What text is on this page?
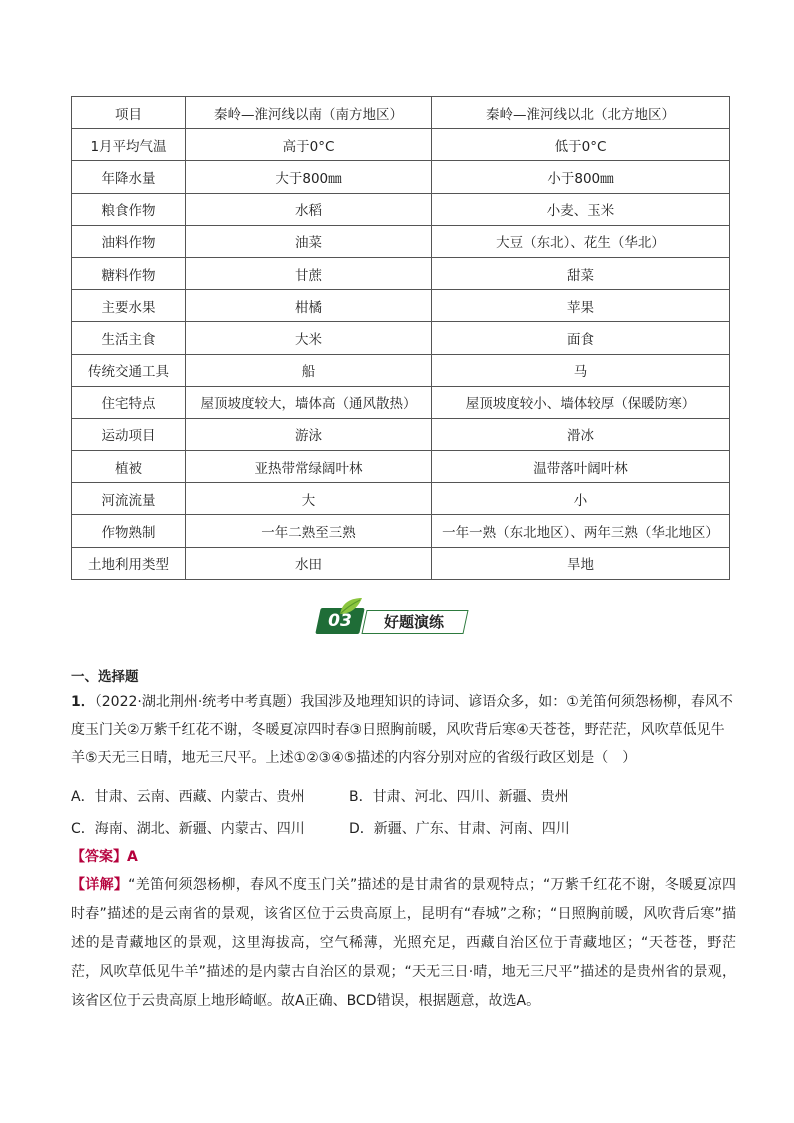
项目	秦岭—淮河线以南（南方地区）	秦岭—淮河线以北（北方地区）
1月平均气温	高于0°C	低于0°C
年降水量	大于800㎜	小于800㎜
粮食作物	水稻	小麦、玉米
油料作物	油菜	大豆（东北）、花生（华北）
糖料作物	甘蔗	甜菜
主要水果	柑橘	苹果
生活主食	大米	面食
传统交通工具	船	马
住宅特点	屋顶坡度较大，墙体高（通风散热）	屋顶坡度较小、墙体较厚（保暖防寒）
运动项目	游泳	滑冰
植被	亚热带常绿阔叶林	温带落叶阔叶林
河流流量	大	小
作物熟制	一年二熟至三熟	一年一熟（东北地区）、两年三熟（华北地区）
土地利用类型	水田	旱地
03	好题演练
一、选择题
1．（2022·湖北荆州·统考中考真题）我国涉及地理知识的诗词、谚语众多，如：①羌笛何须怨杨柳，春风不度玉门关②万紫千红花不谢，冬暖夏凉四时春③日照胸前暖，风吹背后寒④天苍苍，野茫茫，风吹草低见牛羊⑤天无三日晴，地无三尺平。上述①②③④⑤描述的内容分别对应的省级行政区划是（　）
A．甘肃、云南、西藏、内蒙古、贵州	B．甘肃、河北、四川、新疆、贵州
C．海南、湖北、新疆、内蒙古、四川	D．新疆、广东、甘肃、河南、四川
【答案】A
【详解】“羌笛何须怨杨柳，春风不度玉门关”描述的是甘肃省的景观特点；“万紫千红花不谢，冬暖夏凉四时春”描述的是云南省的景观，该省区位于云贵高原上，昆明有“春城”之称；“日照胸前暖，风吹背后寒”描述的是青藏地区的景观，这里海拔高，空气稀薄，光照充足，西藏自治区位于青藏地区；“天苍苍，野茫茫，风吹草低见牛羊”描述的是内蒙古自治区的景观；“天无三日·晴，地无三尺平”描述的是贵州省的景观，该省区位于云贵高原上地形崎岖。故A正确、BCD错误，根据题意，故选A。
